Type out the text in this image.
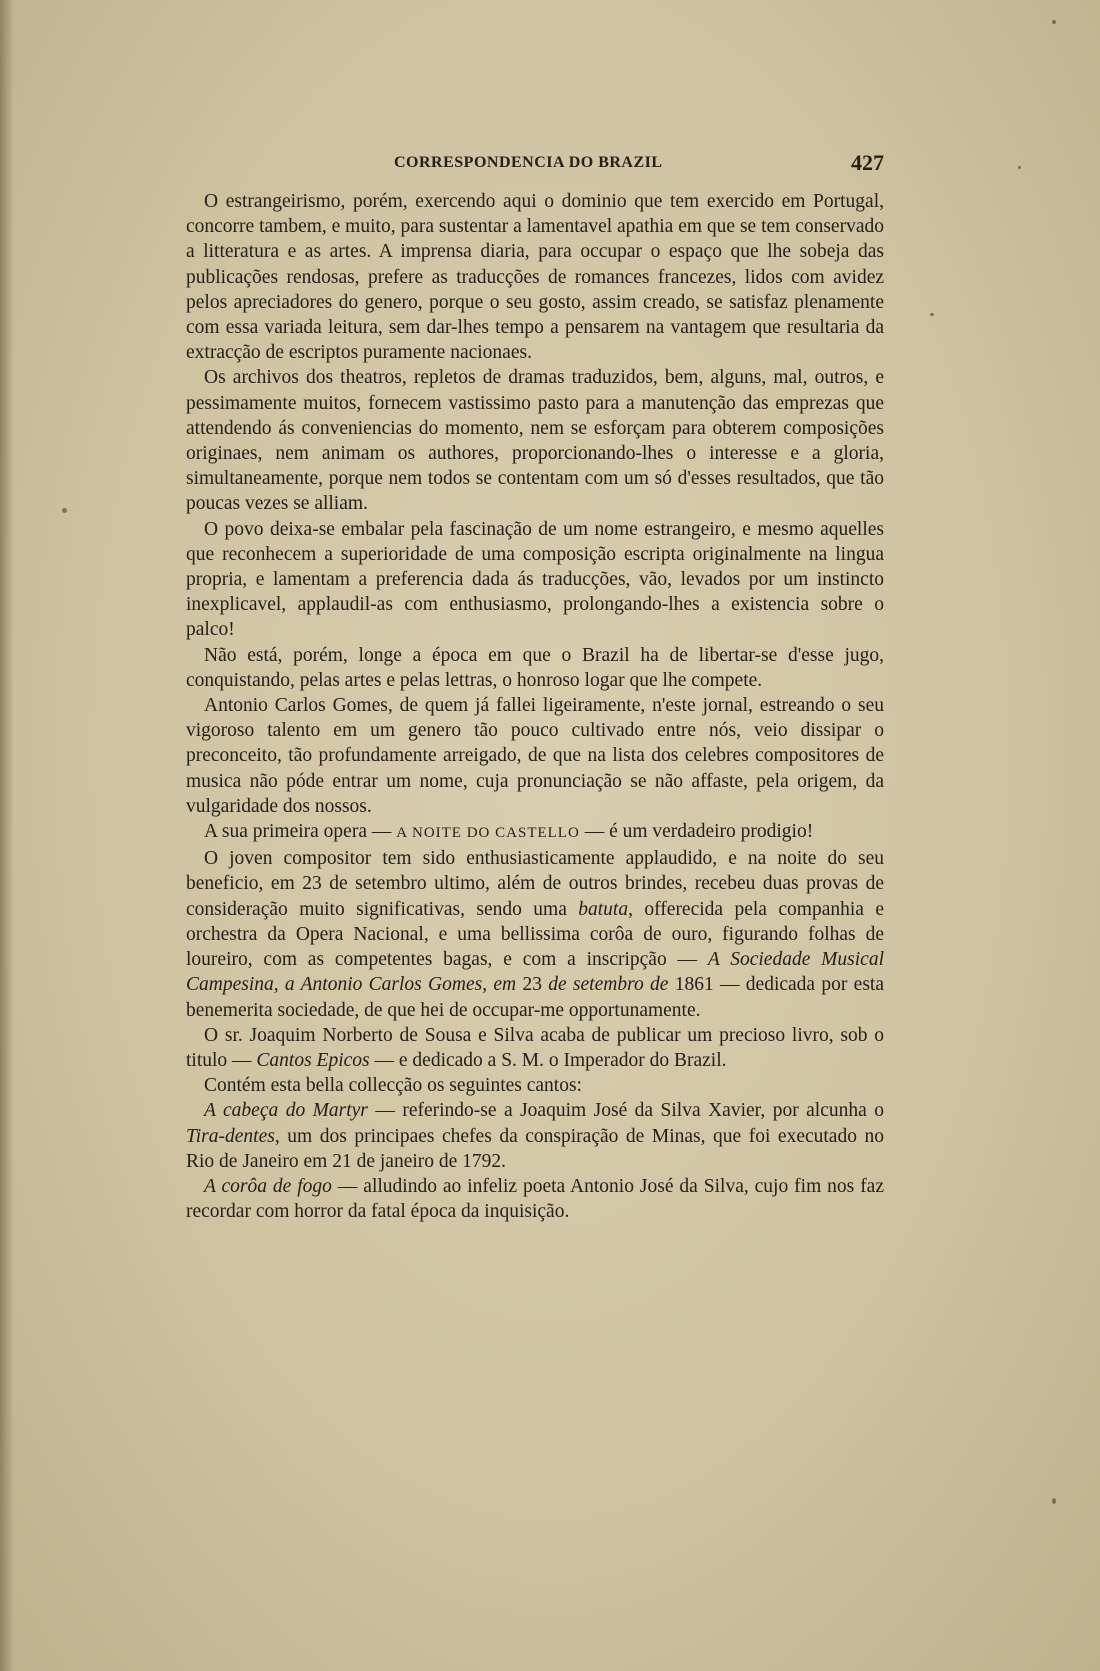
CORRESPONDENCIA DO BRAZIL	427

O estrangeirismo, porém, exercendo aqui o dominio que tem exercido em Portugal, concorre tambem, e muito, para sustentar a lamentavel apathia em que se tem conservado a litteratura e as artes. A imprensa diaria, para occupar o espaço que lhe sobeja das publicações rendosas, prefere as traducções de romances francezes, lidos com avidez pelos apreciadores do genero, porque o seu gosto, assim creado, se satisfaz plenamente com essa variada leitura, sem dar-lhes tempo a pensarem na vantagem que resultaria da extracção de escriptos puramente nacionaes.

Os archivos dos theatros, repletos de dramas traduzidos, bem, alguns, mal, outros, e pessimamente muitos, fornecem vastissimo pasto para a manutenção das emprezas que attendendo ás conveniencias do momento, nem se esforçam para obterem composições originaes, nem animam os authores, proporcionando-lhes o interesse e a gloria, simultaneamente, porque nem todos se contentam com um só d'esses resultados, que tão poucas vezes se alliam.

O povo deixa-se embalar pela fascinação de um nome estrangeiro, e mesmo aquelles que reconhecem a superioridade de uma composição escripta originalmente na lingua propria, e lamentam a preferencia dada ás traducções, vão, levados por um instincto inexplicavel, applaudil-as com enthusiasmo, prolongando-lhes a existencia sobre o palco!

Não está, porém, longe a época em que o Brazil ha de libertar-se d'esse jugo, conquistando, pelas artes e pelas lettras, o honroso logar que lhe compete.

Antonio Carlos Gomes, de quem já fallei ligeiramente, n'este jornal, estreando o seu vigoroso talento em um genero tão pouco cultivado entre nós, veio dissipar o preconceito, tão profundamente arreigado, de que na lista dos celebres compositores de musica não póde entrar um nome, cuja pronunciação se não affaste, pela origem, da vulgaridade dos nossos.

A sua primeira opera — A NOITE DO CASTELLO — é um verdadeiro prodigio!

O joven compositor tem sido enthusiasticamente applaudido, e na noite do seu beneficio, em 23 de setembro ultimo, além de outros brindes, recebeu duas provas de consideração muito significativas, sendo uma batuta, offerecida pela companhia e orchestra da Opera Nacional, e uma bellissima corôa de ouro, figurando folhas de loureiro, com as competentes bagas, e com a inscripção — A Sociedade Musical Campesina, a Antonio Carlos Gomes, em 23 de setembro de 1861 — dedicada por esta benemerita sociedade, de que hei de occupar-me opportunamente.

O sr. Joaquim Norberto de Sousa e Silva acaba de publicar um precioso livro, sob o titulo — Cantos Epicos — e dedicado a S. M. o Imperador do Brazil.

Contém esta bella collecção os seguintes cantos:

A cabeça do Martyr — referindo-se a Joaquim José da Silva Xavier, por alcunha o Tira-dentes, um dos principaes chefes da conspiração de Minas, que foi executado no Rio de Janeiro em 21 de janeiro de 1792.

A corôa de fogo — alludindo ao infeliz poeta Antonio José da Silva, cujo fim nos faz recordar com horror da fatal época da inquisição.
